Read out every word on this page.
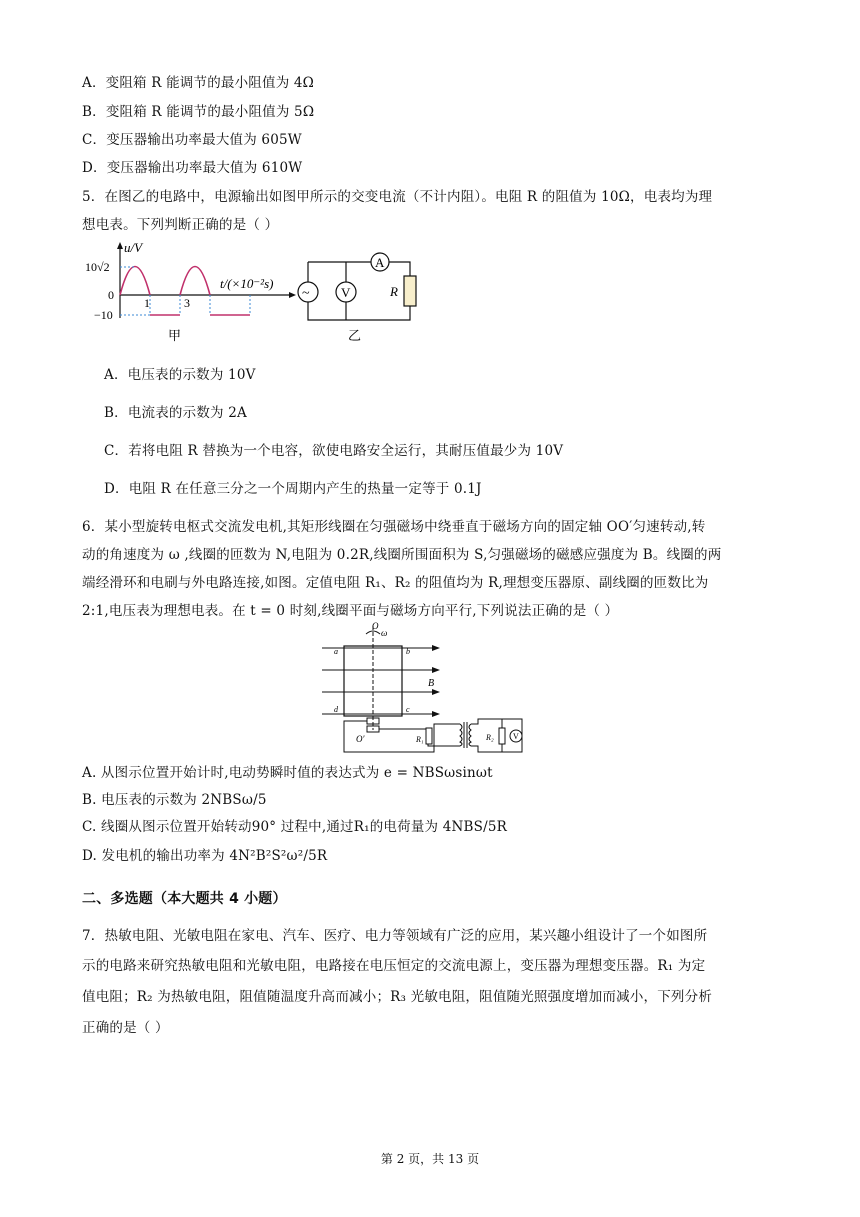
A．变阻箱 R 能调节的最小阻值为 4Ω
B．变阻箱 R 能调节的最小阻值为 5Ω
C．变压器输出功率最大值为 605W
D．变压器输出功率最大值为 610W
5．在图乙的电路中，电源输出如图甲所示的交变电流（不计内阻）。电阻 R 的阻值为 10Ω，电表均为理
想电表。下列判断正确的是（ ）
u/V
10√2
0
−10
1	3
t/(×10⁻²s)
甲
V
~
A
R
乙
A．电压表的示数为 10V
B．电流表的示数为 2A
C．若将电阻 R 替换为一个电容，欲使电路安全运行，其耐压值最少为 10V
D．电阻 R 在任意三分之一个周期内产生的热量一定等于 0.1J
6．某小型旋转电枢式交流发电机,其矩形线圈在匀强磁场中绕垂直于磁场方向的固定轴 OO′匀速转动,转
动的角速度为 ω ,线圈的匝数为 N,电阻为 0.2R,线圈所围面积为 S,匀强磁场的磁感应强度为 B。线圈的两
端经滑环和电刷与外电路连接,如图。定值电阻 R₁、R₂ 的阻值均为 R,理想变压器原、副线圈的匝数比为
2:1,电压表为理想电表。在 t = 0 时刻,线圈平面与磁场方向平行,下列说法正确的是（ ）
O
ω
a	b
c
d
B
O′	R₁	R₂ V
A. 从图示位置开始计时,电动势瞬时值的表达式为 e = NBSωsinωt
B. 电压表的示数为 2NBSω/5
C. 线圈从图示位置开始转动90° 过程中,通过R₁的电荷量为 4NBS/5R
D. 发电机的输出功率为 4N²B²S²ω²/5R
二、多选题（本大题共 4 小题）
7．热敏电阻、光敏电阻在家电、汽车、医疗、电力等领域有广泛的应用，某兴趣小组设计了一个如图所
示的电路来研究热敏电阻和光敏电阻，电路接在电压恒定的交流电源上，变压器为理想变压器。R₁ 为定
值电阻；R₂ 为热敏电阻，阻值随温度升高而减小；R₃ 光敏电阻，阻值随光照强度增加而减小，下列分析
正确的是（ ）
第 2 页，共 13 页
